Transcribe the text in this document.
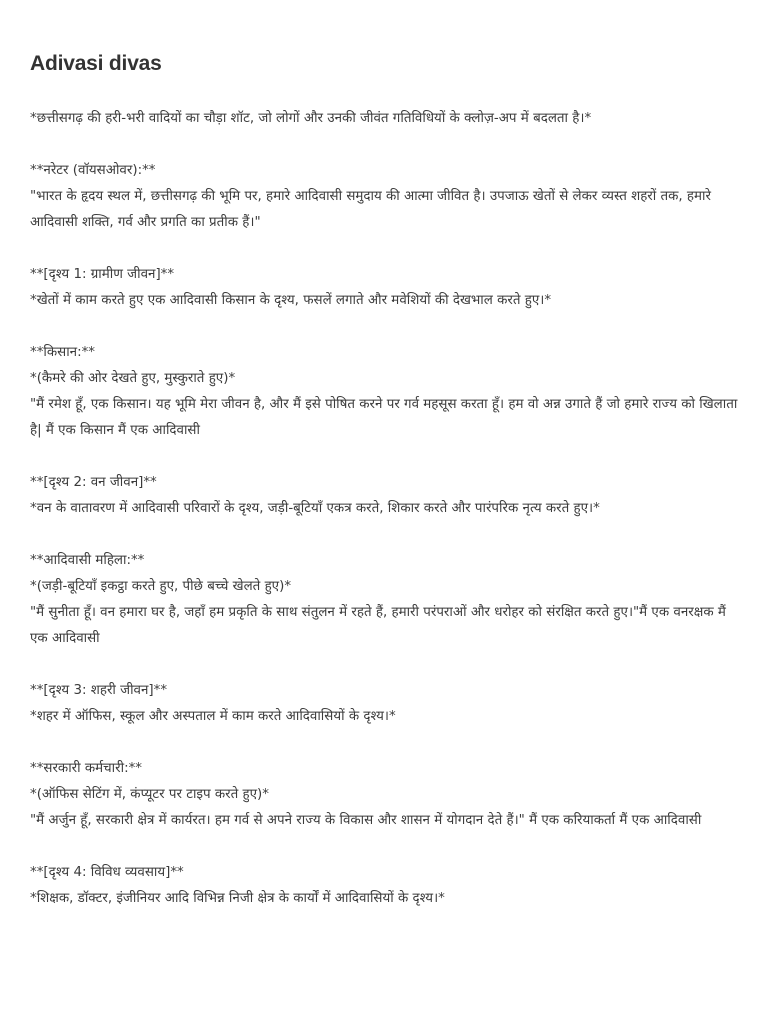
Adivasi divas

*छत्तीसगढ़ की हरी-भरी वादियों का चौड़ा शॉट, जो लोगों और उनकी जीवंत गतिविधियों के क्लोज़-अप में बदलता है।*

**नरेटर (वॉयसओवर):**

"भारत के हृदय स्थल में, छत्तीसगढ़ की भूमि पर, हमारे आदिवासी समुदाय की आत्मा जीवित है। उपजाऊ खेतों से लेकर व्यस्त शहरों तक, हमारे आदिवासी शक्ति, गर्व और प्रगति का प्रतीक हैं।"

**[दृश्य 1: ग्रामीण जीवन]**

*खेतों में काम करते हुए एक आदिवासी किसान के दृश्य, फसलें लगाते और मवेशियों की देखभाल करते हुए।*

**किसान:**

*(कैमरे की ओर देखते हुए, मुस्कुराते हुए)*

"मैं रमेश हूँ, एक किसान। यह भूमि मेरा जीवन है, और मैं इसे पोषित करने पर गर्व महसूस करता हूँ। हम वो अन्न उगाते हैं जो हमारे राज्य को खिलाता है| मैं एक किसान मैं एक आदिवासी

**[दृश्य 2: वन जीवन]**

*वन के वातावरण में आदिवासी परिवारों के दृश्य, जड़ी-बूटियाँ एकत्र करते, शिकार करते और पारंपरिक नृत्य करते हुए।*

**आदिवासी महिला:**

*(जड़ी-बूटियाँ इकट्ठा करते हुए, पीछे बच्चे खेलते हुए)*

"मैं सुनीता हूँ। वन हमारा घर है, जहाँ हम प्रकृति के साथ संतुलन में रहते हैं, हमारी परंपराओं और धरोहर को संरक्षित करते हुए।"मैं एक वनरक्षक मैं एक आदिवासी

**[दृश्य 3: शहरी जीवन]**

*शहर में ऑफिस, स्कूल और अस्पताल में काम करते आदिवासियों के दृश्य।*

**सरकारी कर्मचारी:**

*(ऑफिस सेटिंग में, कंप्यूटर पर टाइप करते हुए)*

"मैं अर्जुन हूँ, सरकारी क्षेत्र में कार्यरत। हम गर्व से अपने राज्य के विकास और शासन में योगदान देते हैं।" मैं एक करियाकर्ता मैं एक आदिवासी

**[दृश्य 4: विविध व्यवसाय]**

*शिक्षक, डॉक्टर, इंजीनियर आदि विभिन्न निजी क्षेत्र के कार्यों में आदिवासियों के दृश्य।*
